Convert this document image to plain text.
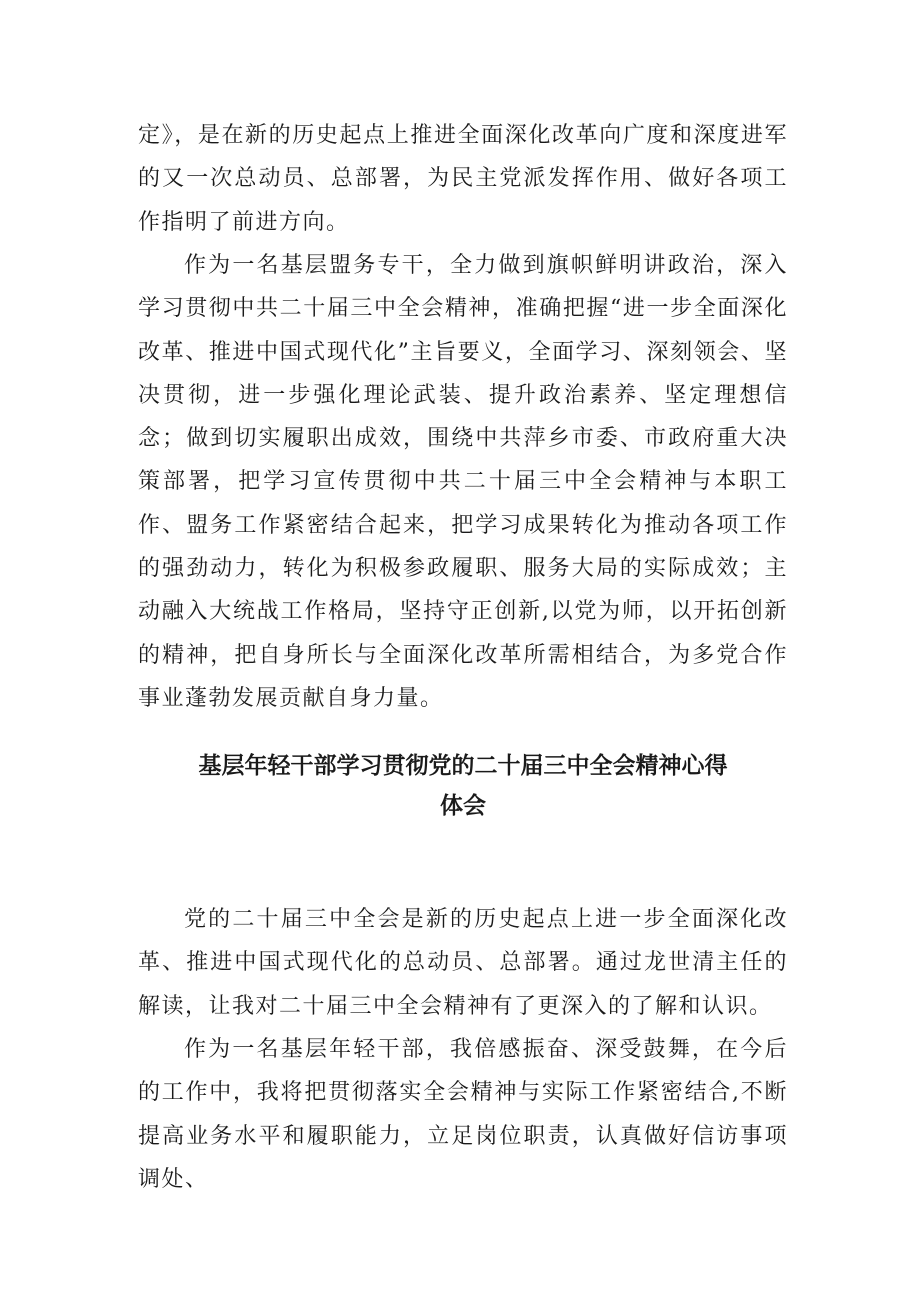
定》，是在新的历史起点上推进全面深化改革向广度和深度进军的又一次总动员、总部署，为民主党派发挥作用、做好各项工作指明了前进方向。

作为一名基层盟务专干，全力做到旗帜鲜明讲政治，深入学习贯彻中共二十届三中全会精神，准确把握“进一步全面深化改革、推进中国式现代化”主旨要义，全面学习、深刻领会、坚决贯彻，进一步强化理论武装、提升政治素养、坚定理想信念；做到切实履职出成效，围绕中共萍乡市委、市政府重大决策部署，把学习宣传贯彻中共二十届三中全会精神与本职工作、盟务工作紧密结合起来，把学习成果转化为推动各项工作的强劲动力，转化为积极参政履职、服务大局的实际成效；主动融入大统战工作格局，坚持守正创新,以党为师，以开拓创新的精神，把自身所长与全面深化改革所需相结合，为多党合作事业蓬勃发展贡献自身力量。

基层年轻干部学习贯彻党的二十届三中全会精神心得
体会

党的二十届三中全会是新的历史起点上进一步全面深化改革、推进中国式现代化的总动员、总部署。通过龙世清主任的解读，让我对二十届三中全会精神有了更深入的了解和认识。

作为一名基层年轻干部，我倍感振奋、深受鼓舞，在今后的工作中，我将把贯彻落实全会精神与实际工作紧密结合,不断提高业务水平和履职能力，立足岗位职责，认真做好信访事项调处、
